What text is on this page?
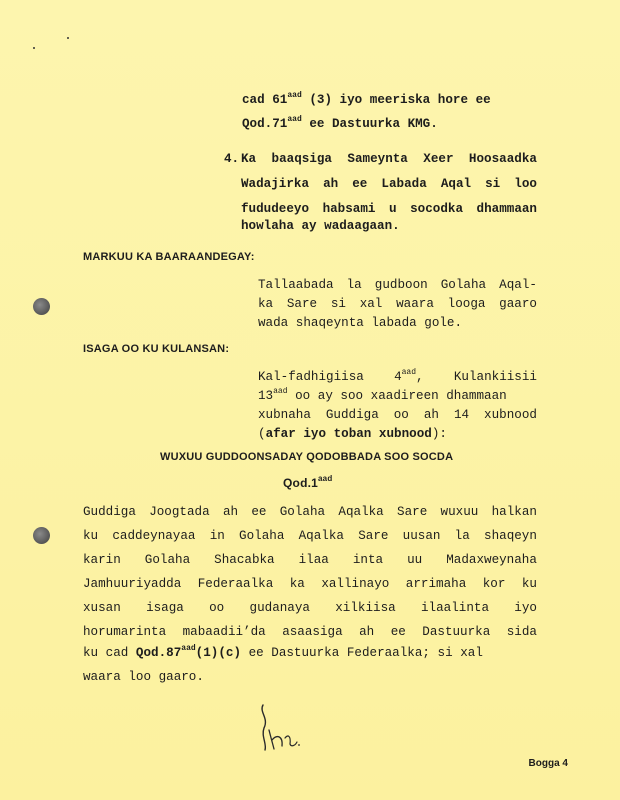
cad $61^{aad}$ (3) iyo meeriska hore ee
Qod.71$^{aad}$ ee Dastuurka KMG.
4. Ka baaqsiga Sameynta Xeer Hoosaadka
Wadajirka ah ee Labada Aqal si loo
fududeeyo habsami u socodka dhammaan
howlaha ay wadaagaan.
MARKUU KA BAARAANDEGAY:
Tallaabada la gudboon Golaha Aqal-
ka Sare si xal waara looga gaaro
wada shaqeynta labada gole.
ISAGA OO KU KULANSAN:
Kal-fadhigiisa $4^{aad}$, Kulankiisii
$13^{aad}$ oo ay soo xaadireen dhammaan
xubnaha Guddiga oo ah 14 xubnood
(afar iyo toban xubnood):
WUXUU GUDDOONSADAY QODOBBADA SOO SOCDA
Qod.1$^{aad}$
Guddiga Joogtada ah ee Golaha Aqalka Sare wuxuu halkan
ku caddeynayaa in Golaha Aqalka Sare uusan la shaqeyn
karin Golaha Shacabka ilaa inta uu Madaxweynaha
Jamhuuriyadda Federaalka ka xallinayo arrimaha kor ku
xusan isaga oo gudanaya xilkiisa ilaalinta iyo
horumarinta mabaadii’da asaasiga ah ee Dastuurka sida
ku cad Qod.87$^{aad}$(1)(c) ee Dastuurka Federaalka; si xal
waara loo gaaro.
Bogga 4
